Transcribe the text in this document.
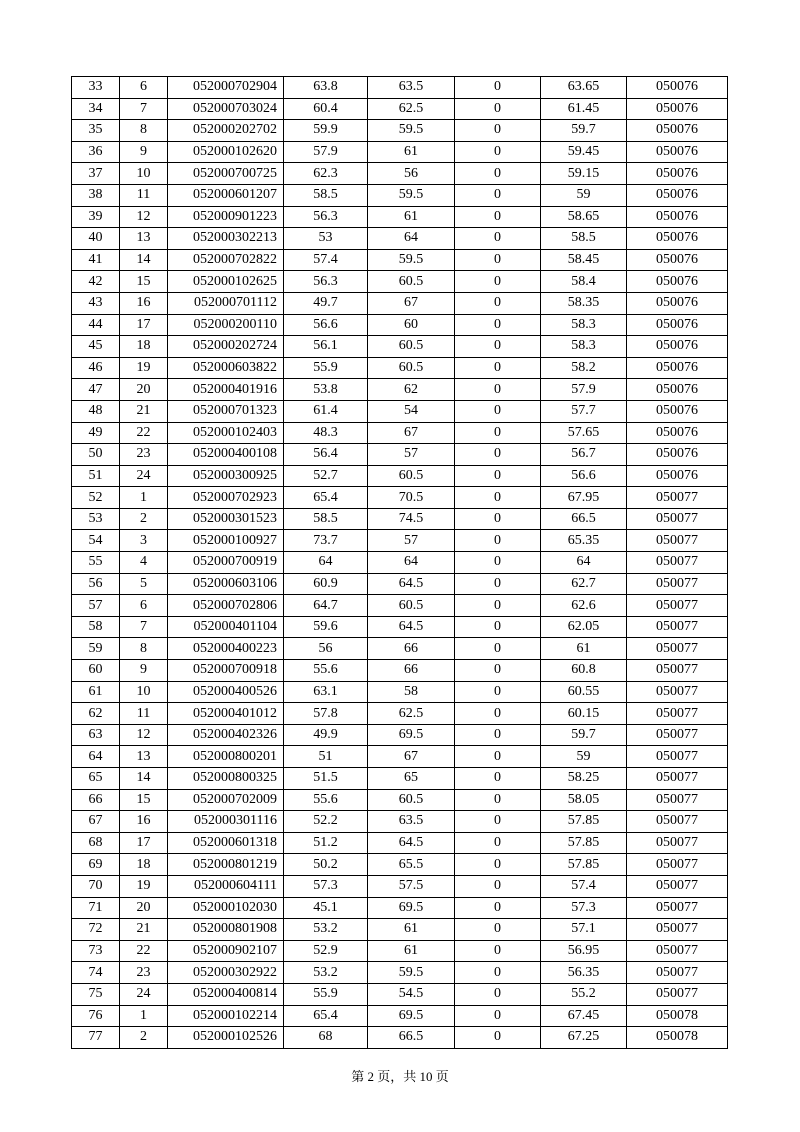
33	6	052000702904	63.8	63.5	0	63.65	050076
34	7	052000703024	60.4	62.5	0	61.45	050076
35	8	052000202702	59.9	59.5	0	59.7	050076
36	9	052000102620	57.9	61	0	59.45	050076
37	10	052000700725	62.3	56	0	59.15	050076
38	11	052000601207	58.5	59.5	0	59	050076
39	12	052000901223	56.3	61	0	58.65	050076
40	13	052000302213	53	64	0	58.5	050076
41	14	052000702822	57.4	59.5	0	58.45	050076
42	15	052000102625	56.3	60.5	0	58.4	050076
43	16	052000701112	49.7	67	0	58.35	050076
44	17	052000200110	56.6	60	0	58.3	050076
45	18	052000202724	56.1	60.5	0	58.3	050076
46	19	052000603822	55.9	60.5	0	58.2	050076
47	20	052000401916	53.8	62	0	57.9	050076
48	21	052000701323	61.4	54	0	57.7	050076
49	22	052000102403	48.3	67	0	57.65	050076
50	23	052000400108	56.4	57	0	56.7	050076
51	24	052000300925	52.7	60.5	0	56.6	050076
52	1	052000702923	65.4	70.5	0	67.95	050077
53	2	052000301523	58.5	74.5	0	66.5	050077
54	3	052000100927	73.7	57	0	65.35	050077
55	4	052000700919	64	64	0	64	050077
56	5	052000603106	60.9	64.5	0	62.7	050077
57	6	052000702806	64.7	60.5	0	62.6	050077
58	7	052000401104	59.6	64.5	0	62.05	050077
59	8	052000400223	56	66	0	61	050077
60	9	052000700918	55.6	66	0	60.8	050077
61	10	052000400526	63.1	58	0	60.55	050077
62	11	052000401012	57.8	62.5	0	60.15	050077
63	12	052000402326	49.9	69.5	0	59.7	050077
64	13	052000800201	51	67	0	59	050077
65	14	052000800325	51.5	65	0	58.25	050077
66	15	052000702009	55.6	60.5	0	58.05	050077
67	16	052000301116	52.2	63.5	0	57.85	050077
68	17	052000601318	51.2	64.5	0	57.85	050077
69	18	052000801219	50.2	65.5	0	57.85	050077
70	19	052000604111	57.3	57.5	0	57.4	050077
71	20	052000102030	45.1	69.5	0	57.3	050077
72	21	052000801908	53.2	61	0	57.1	050077
73	22	052000902107	52.9	61	0	56.95	050077
74	23	052000302922	53.2	59.5	0	56.35	050077
75	24	052000400814	55.9	54.5	0	55.2	050077
76	1	052000102214	65.4	69.5	0	67.45	050078
77	2	052000102526	68	66.5	0	67.25	050078
第 2 页，共 10 页
